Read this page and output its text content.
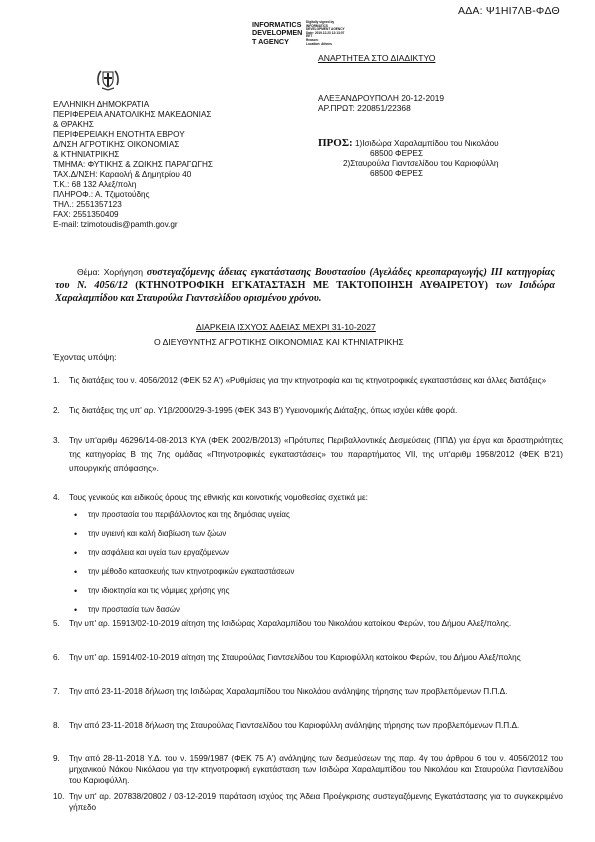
ΑΔΑ: Ψ1ΗΙ7ΛΒ-ΦΔΘ
INFORMATICS
DEVELOPMEN
T AGENCY
Digitally signed by
INFORMATICS
DEVELOPMENT AGENCY
Date: 2019.12.23 12:13:07
EET
Reason:
Location: Athens
ΑΝΑΡΤΗΤΕΑ ΣΤΟ ΔΙΑΔΙΚΤΥΟ
ΕΛΛΗΝΙΚΗ ΔΗΜΟΚΡΑΤΙΑ
ΠΕΡΙΦΕΡΕΙΑ ΑΝΑΤΟΛΙΚΗΣ ΜΑΚΕΔΟΝΙΑΣ
& ΘΡΑΚΗΣ
ΠΕΡΙΦΕΡΕΙΑΚΗ ΕΝΟΤΗΤΑ ΕΒΡΟΥ
Δ/ΝΣΗ ΑΓΡΟΤΙΚΗΣ ΟΙΚΟΝΟΜΙΑΣ
& ΚΤΗΝΙΑΤΡΙΚΗΣ
ΤΜΗΜΑ: ΦΥΤΙΚΗΣ & ΖΩΙΚΗΣ ΠΑΡΑΓΩΓΗΣ
ΤΑΧ.Δ/ΝΣΗ: Καραολή & Δημητρίου 40
Τ.Κ.: 68 132 Αλεξ/πολη
ΠΛΗΡΟΦ.: Α. Τζιμοτούδης
ΤΗΛ.: 2551357123
FAX: 2551350409
E-mail: tzimotoudis@pamth.gov.gr
ΑΛΕΞΑΝΔΡΟΥΠΟΛΗ 20-12-2019
ΑΡ.ΠΡΩΤ: 220851/22368
ΠΡΟΣ: 1)Ισιδώρα Χαραλαμπίδου του Νικολάου
68500 ΦΕΡΕΣ
2)Σταυρούλα Γιαντσελίδου του Καριοφύλλη
68500 ΦΕΡΕΣ
Θέμα: Χορήγηση συστεγαζόμενης άδειας εγκατάστασης Βουστασίου (Αγελάδες κρεοπαραγωγής) ΙΙΙ κατηγορίας του Ν. 4056/12 (ΚΤΗΝΟΤΡΟΦΙΚΗ ΕΓΚΑΤΑΣΤΑΣΗ ΜΕ ΤΑΚΤΟΠΟΙΗΣΗ ΑΥΘΑΙΡΕΤΟΥ) των Ισιδώρα Χαραλαμπίδου και Σταυρούλα Γιαντσελίδου ορισμένου χρόνου.
ΔΙΑΡΚΕΙΑ ΙΣΧΥΟΣ ΑΔΕΙΑΣ ΜΕΧΡΙ 31-10-2027
Ο ΔΙΕΥΘΥΝΤΗΣ ΑΓΡΟΤΙΚΗΣ ΟΙΚΟΝΟΜΙΑΣ ΚΑΙ ΚΤΗΝΙΑΤΡΙΚΗΣ
Έχοντας υπόψη:
1. Τις διατάξεις του ν. 4056/2012 (ΦΕΚ 52 Α') «Ρυθμίσεις για την κτηνοτροφία και τις κτηνοτροφικές εγκαταστάσεις και άλλες διατάξεις»
2. Τις διατάξεις της υπ' αρ. Υ1β/2000/29-3-1995 (ΦΕΚ 343 Β') Υγειονομικής Διάταξης, όπως ισχύει κάθε φορά.
3. Την υπ'αριθμ 46296/14-08-2013 ΚΥΑ (ΦΕΚ 2002/Β/2013) «Πρότυπες Περιβαλλοντικές Δεσμεύσεις (ΠΠΔ) για έργα και δραστηριότητες της κατηγορίας Β της 7ης ομάδας «Πτηνοτροφικές εγκαταστάσεις» του παραρτήματος VII, της υπ'αριθμ 1958/2012 (ΦΕΚ Β'21) υπουργικής απόφασης».
4. Τους γενικούς και ειδικούς όρους της εθνικής και κοινοτικής νομοθεσίας σχετικά με:
• την προστασία του περιβάλλοντος και της δημόσιας υγείας
• την υγιεινή και καλή διαβίωση των ζώων
• την ασφάλεια και υγεία των εργαζόμενων
• την μέθοδο κατασκευής των κτηνοτροφικών εγκαταστάσεων
• την ιδιοκτησία και τις νόμιμες χρήσης γης
• την προστασία των δασών
5. Την υπ' αρ. 15913/02-10-2019 αίτηση της Ισιδώρας Χαραλαμπίδου του Νικολάου κατοίκου Φερών, του Δήμου Αλεξ/πολης.
6. Την υπ' αρ. 15914/02-10-2019 αίτηση της Σταυρούλας Γιαντσελίδου του Καριοφύλλη κατοίκου Φερών, του Δήμου Αλεξ/πολης
7. Την από 23-11-2018 δήλωση της Ισιδώρας Χαραλαμπίδου του Νικολάου ανάληψης τήρησης των προβλεπόμενων Π.Π.Δ.
8. Την από 23-11-2018 δήλωση της Σταυρούλας Γιαντσελίδου του Καριοφύλλη ανάληψης τήρησης των προβλεπόμενων Π.Π.Δ.
9. Την από 28-11-2018 Υ.Δ. του ν. 1599/1987 (ΦΕΚ 75 Α') ανάληψης των δεσμεύσεων της παρ. 4γ του άρθρου 6 του ν. 4056/2012 του μηχανικού Νάκου Νικόλαου για την κτηνοτροφική εγκατάσταση των Ισιδώρα Χαραλαμπίδου του Νικολάου και Σταυρούλα Γιαντσελίδου του Καριοφύλλη.
10. Την υπ' αρ. 207838/20802 / 03-12-2019 παράταση ισχύος της Άδεια Προέγκρισης συστεγαζόμενης Εγκατάστασης για το συγκεκριμένο γήπεδο
